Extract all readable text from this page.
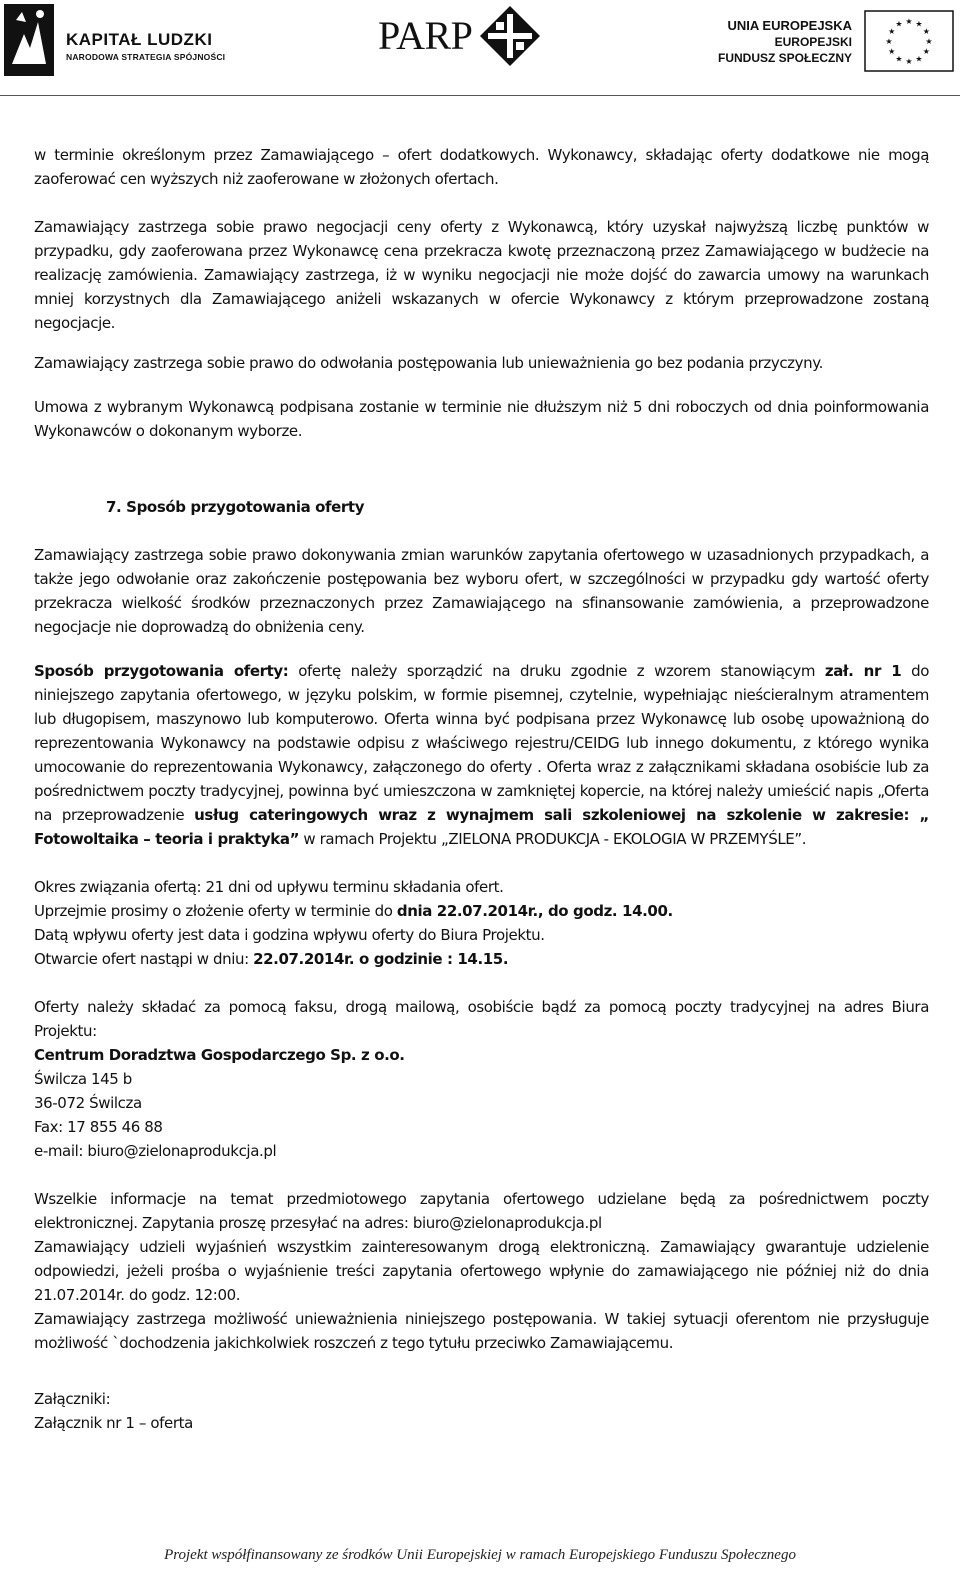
KAPITAŁ LUDZKI
NARODOWA STRATEGIA SPÓJNOŚCI	PARP	UNIA EUROPEJSKA
EUROPEJSKI
FUNDUSZ SPOŁECZNY
★ ★
★
★
★
★
★
★
★
★
★
★

w terminie określonym przez Zamawiającego – ofert dodatkowych. Wykonawcy, składając oferty dodatkowe nie mogą zaoferować cen wyższych niż zaoferowane w złożonych ofertach.

Zamawiający zastrzega sobie prawo negocjacji ceny oferty z Wykonawcą, który uzyskał najwyższą liczbę punktów w przypadku, gdy zaoferowana przez Wykonawcę cena przekracza kwotę przeznaczoną przez Zamawiającego w budżecie na realizację zamówienia. Zamawiający zastrzega, iż w wyniku negocjacji nie może dojść do zawarcia umowy na warunkach mniej korzystnych dla Zamawiającego aniżeli wskazanych w ofercie Wykonawcy z którym przeprowadzone zostaną negocjacje.

Zamawiający zastrzega sobie prawo do odwołania postępowania lub unieważnienia go bez podania przyczyny.

Umowa z wybranym Wykonawcą podpisana zostanie w terminie nie dłuższym niż 5 dni roboczych od dnia poinformowania Wykonawców o dokonanym wyborze.

7. Sposób przygotowania oferty

Zamawiający zastrzega sobie prawo dokonywania zmian warunków zapytania ofertowego w uzasadnionych przypadkach, a także jego odwołanie oraz zakończenie postępowania bez wyboru ofert, w szczególności w przypadku gdy wartość oferty przekracza wielkość środków przeznaczonych przez Zamawiającego na sfinansowanie zamówienia, a przeprowadzone negocjacje nie doprowadzą do obniżenia ceny.

Sposób przygotowania oferty: ofertę należy sporządzić na druku zgodnie z wzorem stanowiącym zał. nr 1 do niniejszego zapytania ofertowego, w języku polskim, w formie pisemnej, czytelnie, wypełniając nieścieralnym atramentem lub długopisem, maszynowo lub komputerowo. Oferta winna być podpisana przez Wykonawcę lub osobę upoważnioną do reprezentowania Wykonawcy na podstawie odpisu z właściwego rejestru/CEIDG lub innego dokumentu, z którego wynika umocowanie do reprezentowania Wykonawcy, załączonego do oferty . Oferta wraz z załącznikami składana osobiście lub za pośrednictwem poczty tradycyjnej, powinna być umieszczona w zamkniętej kopercie, na której należy umieścić napis „Oferta na przeprowadzenie usług cateringowych wraz z wynajmem sali szkoleniowej na szkolenie w zakresie: „ Fotowoltaika – teoria i praktyka” w ramach Projektu „ZIELONA PRODUKCJA - EKOLOGIA W PRZEMYŚLE”.

Okres związania ofertą: 21 dni od upływu terminu składania ofert.

Uprzejmie prosimy o złożenie oferty w terminie do dnia 22.07.2014r., do godz. 14.00.

Datą wpływu oferty jest data i godzina wpływu oferty do Biura Projektu.

Otwarcie ofert nastąpi w dniu: 22.07.2014r. o godzinie : 14.15.

Oferty należy składać za pomocą faksu, drogą mailową, osobiście bądź za pomocą poczty tradycyjnej na adres Biura Projektu:

Centrum Doradztwa Gospodarczego Sp. z o.o.

Świlcza 145 b

36-072 Świlcza

Fax: 17 855 46 88

e-mail: biuro@zielonaprodukcja.pl

Wszelkie informacje na temat przedmiotowego zapytania ofertowego udzielane będą za pośrednictwem poczty elektronicznej. Zapytania proszę przesyłać na adres: biuro@zielonaprodukcja.pl

Zamawiający udzieli wyjaśnień wszystkim zainteresowanym drogą elektroniczną. Zamawiający gwarantuje udzielenie odpowiedzi, jeżeli prośba o wyjaśnienie treści zapytania ofertowego wpłynie do zamawiającego nie później niż do dnia 21.07.2014r. do godz. 12:00.

Zamawiający zastrzega możliwość unieważnienia niniejszego postępowania. W takiej sytuacji oferentom nie przysługuje możliwość `dochodzenia jakichkolwiek roszczeń z tego tytułu przeciwko Zamawiającemu.

Załączniki:

Załącznik nr 1 – oferta

Projekt współfinansowany ze środków Unii Europejskiej w ramach Europejskiego Funduszu Społecznego
